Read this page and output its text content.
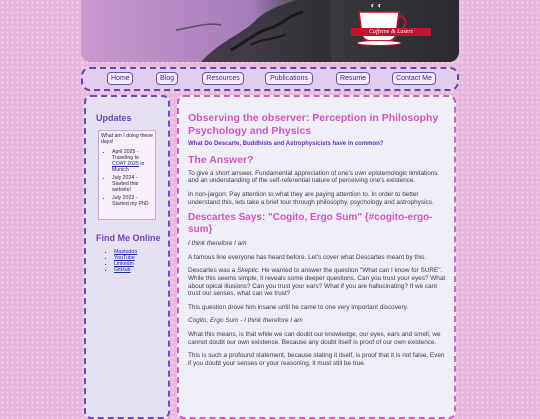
Caffeine & Lasers
Home	Blog	Resources	Publications	Resume	Contact Me
Updates
What am I doing these days!
• April 2025 - Traveling to COAT 2025 in Munich
• July 2024 - Started this website!
• July 2023 - Started my PhD
Find Me Online
• Mastodon
• YouTube
• Linkedin
• GitHub
Observing the observer: Perception in Philosophy Psychology and Physics

What Do Descarte, Buddhists and Astrophysicists have in common?

The Answer?

To give a short answer. Fundamental appreciation of one's own epistemologic limitations and an understanding of the self-referential nature of perceiving one's existence.

In non-jargon: Pay attention to what they are paying attention to. In order to better understand this, lets take a brief tour through philosophy, psychology and astrophysics.

Descartes Says: "Cogito, Ergo Sum" {#cogito-ergo-sum}

I think therefore I am

A famous line everyone has heard before. Let's cover what Descartes meant by this.

Descartes was a Skeptic. He wanted to answer the question "What can I know for SURE". While this seems simple, it reveals some deeper questions. Can you trust your eyes? What about opical illusions? Can you trust your ears? What if you are hallucinating? If we cant trust our senses, what can we trust?

This question drove him insane until he came to one very important discovery.

Cogito, Ergo Sum - I think therefore I am

What this means, is that while we can doubt our knowledge, our eyes, ears and smell, we cannot doubt our own existence. Because any doubt itself is proof of our own existence.

This is such a profound statement, because stating it itself, is proof that it is not false. Even if you doubt your senses or your reasoning, it must still be true.
